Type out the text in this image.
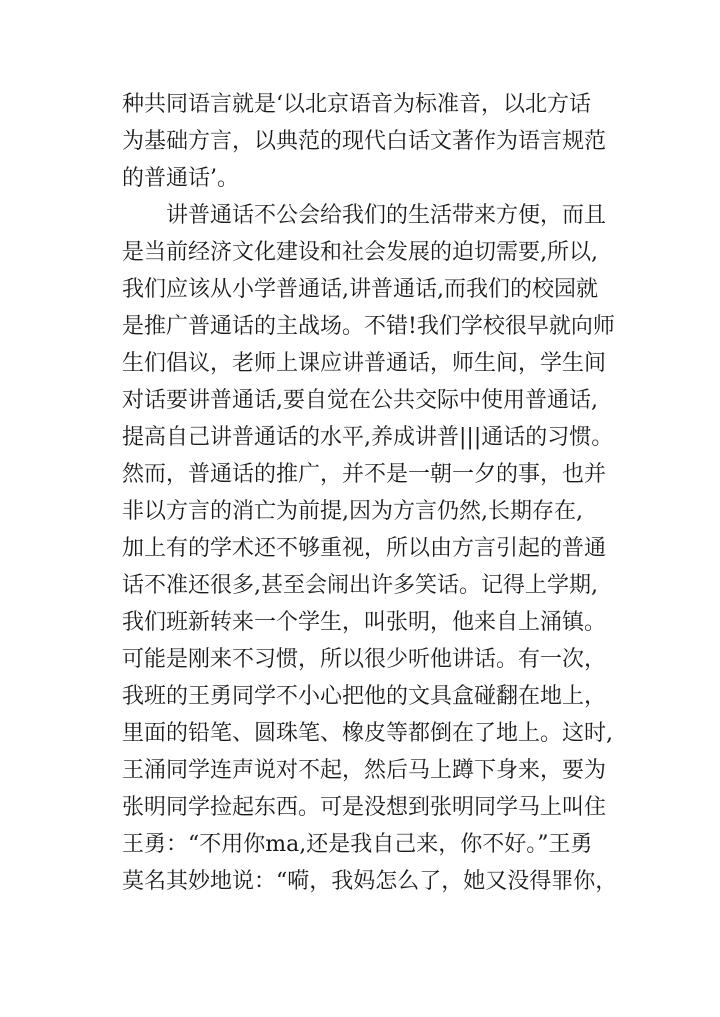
种共同语言就是‘以北京语音为标准音，以北方话
为基础方言，以典范的现代白话文著作为语言规范
的普通话’。
讲普通话不公会给我们的生活带来方便，而且
是当前经济文化建设和社会发展的迫切需要,所以,
我们应该从小学普通话,讲普通话,而我们的校园就
是推广普通话的主战场。不错!我们学校很早就向师
生们倡议，老师上课应讲普通话，师生间，学生间
对话要讲普通话,要自觉在公共交际中使用普通话,
提高自己讲普通话的水平,养成讲普|||通话的习惯。
然而，普通话的推广，并不是一朝一夕的事，也并
非以方言的消亡为前提,因为方言仍然,长期存在,
加上有的学术还不够重视，所以由方言引起的普通
话不准还很多,甚至会闹出许多笑话。记得上学期,
我们班新转来一个学生，叫张明，他来自上涌镇。
可能是刚来不习惯，所以很少听他讲话。有一次，
我班的王勇同学不小心把他的文具盒碰翻在地上，
里面的铅笔、圆珠笔、橡皮等都倒在了地上。这时,
王涌同学连声说对不起，然后马上蹲下身来，要为
张明同学捡起东西。可是没想到张明同学马上叫住
王勇：“不用你ma,还是我自己来，你不好。”王勇
莫名其妙地说：“嗬，我妈怎么了，她又没得罪你，
